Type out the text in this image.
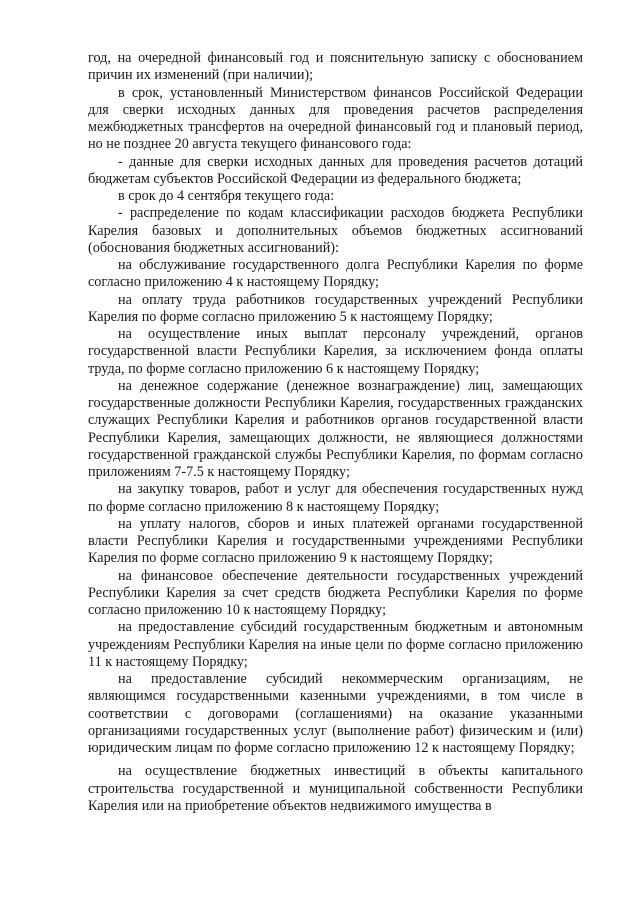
год, на очередной финансовый год и пояснительную записку с обоснованием причин их изменений (при наличии);

в срок, установленный Министерством финансов Российской Федерации для сверки исходных данных для проведения расчетов распределения межбюджетных трансфертов на очередной финансовый год и плановый период, но не позднее 20 августа текущего финансового года:

- данные для сверки исходных данных для проведения расчетов дотаций бюджетам субъектов Российской Федерации из федерального бюджета;

в срок до 4 сентября текущего года:

- распределение по кодам классификации расходов бюджета Республики Карелия базовых и дополнительных объемов бюджетных ассигнований (обоснования бюджетных ассигнований):

на обслуживание государственного долга Республики Карелия по форме согласно приложению 4 к настоящему Порядку;

на оплату труда работников государственных учреждений Республики Карелия по форме согласно приложению 5 к настоящему Порядку;

на осуществление иных выплат персоналу учреждений, органов государственной власти Республики Карелия, за исключением фонда оплаты труда, по форме согласно приложению 6 к настоящему Порядку;

на денежное содержание (денежное вознаграждение) лиц, замещающих государственные должности Республики Карелия, государственных гражданских служащих Республики Карелия и работников органов государственной власти Республики Карелия, замещающих должности, не являющиеся должностями государственной гражданской службы Республики Карелия, по формам согласно приложениям 7-7.5 к настоящему Порядку;

на закупку товаров, работ и услуг для обеспечения государственных нужд по форме согласно приложению 8 к настоящему Порядку;

на уплату налогов, сборов и иных платежей органами государственной власти Республики Карелия и государственными учреждениями Республики Карелия по форме согласно приложению 9 к настоящему Порядку;

на финансовое обеспечение деятельности государственных учреждений Республики Карелия за счет средств бюджета Республики Карелия по форме согласно приложению 10 к настоящему Порядку;

на предоставление субсидий государственным бюджетным и автономным учреждениям Республики Карелия на иные цели по форме согласно приложению 11 к настоящему Порядку;

на предоставление субсидий некоммерческим организациям, не являющимся государственными казенными учреждениями, в том числе в соответствии с договорами (соглашениями) на оказание указанными организациями государственных услуг (выполнение работ) физическим и (или) юридическим лицам по форме согласно приложению 12 к настоящему Порядку;

на осуществление бюджетных инвестиций в объекты капитального строительства государственной и муниципальной собственности Республики Карелия или на приобретение объектов недвижимого имущества в
